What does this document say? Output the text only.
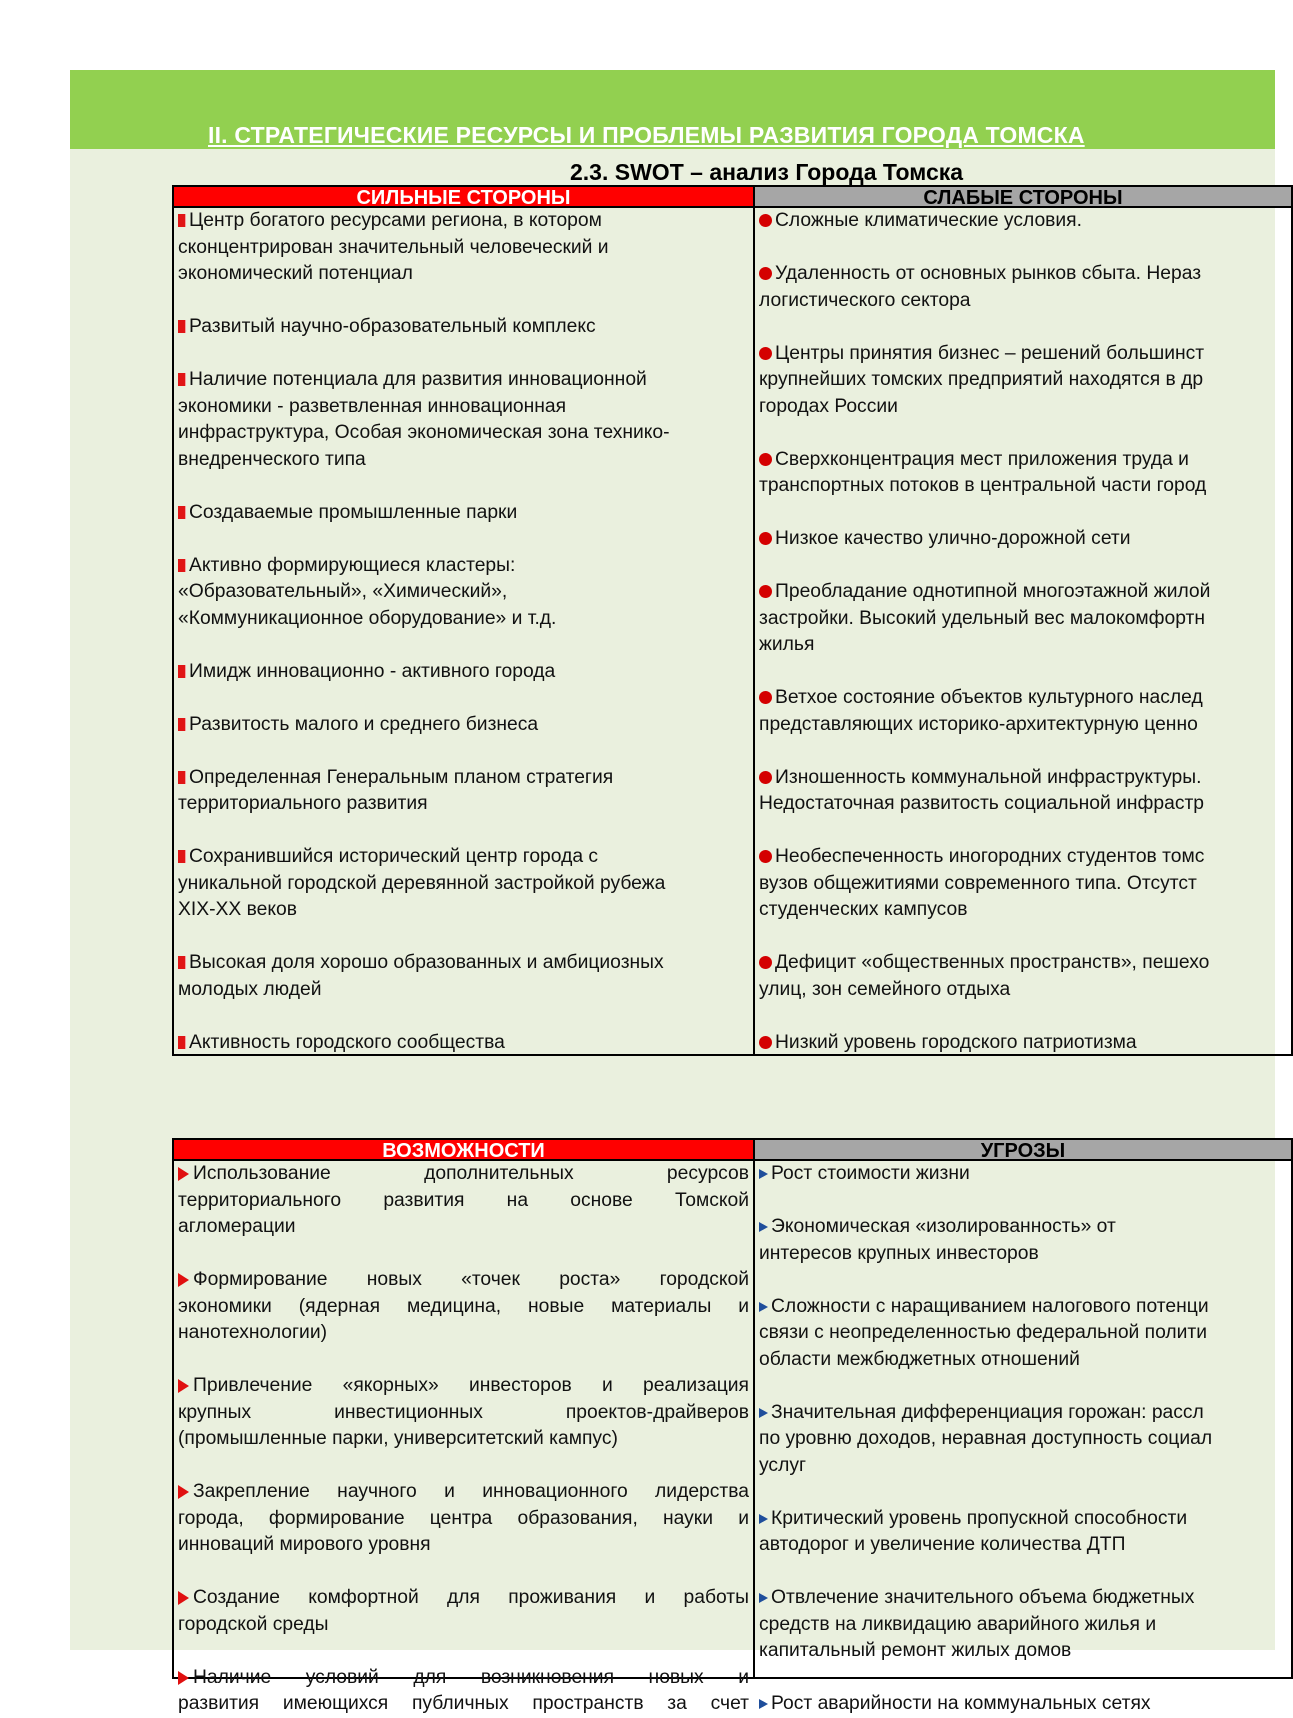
II. СТРАТЕГИЧЕСКИЕ РЕСУРСЫ И ПРОБЛЕМЫ РАЗВИТИЯ ГОРОДА ТОМСКА
2.3. SWOT – анализ Города Томска
СИЛЬНЫЕ СТОРОНЫ	СЛАБЫЕ СТОРОНЫ
Центр богатого ресурсами региона, в котором
сконцентрирован значительный человеческий и
экономический потенциал
Развитый научно-образовательный комплекс
Наличие потенциала для развития инновационной
экономики - разветвленная инновационная
инфраструктура, Особая экономическая зона технико-
внедренческого типа
Создаваемые промышленные парки
Активно формирующиеся кластеры:
«Образовательный», «Химический»,
«Коммуникационное оборудование» и т.д.
Имидж инновационно - активного города
Развитость малого и среднего бизнеса
Определенная Генеральным планом стратегия
территориального развития
Сохранившийся исторический центр города с
уникальной городской деревянной застройкой рубежа
XIX-XX веков
Высокая доля хорошо образованных и амбициозных
молодых людей
Активность городского сообщества
Сложные климатические условия.
Удаленность от основных рынков сбыта. Нераз
логистического сектора
Центры принятия бизнес – решений большинст
крупнейших томских предприятий находятся в др
городах России
Сверхконцентрация мест приложения труда и
транспортных потоков в центральной части город
Низкое качество улично-дорожной сети
Преобладание однотипной многоэтажной жилой
застройки. Высокий удельный вес малокомфортн
жилья
Ветхое состояние объектов культурного наслед
представляющих историко-архитектурную ценно
Изношенность коммунальной инфраструктуры.
Недостаточная развитость социальной инфрастр
Необеспеченность иногородних студентов томс
вузов общежитиями современного типа. Отсутст
студенческих кампусов
Дефицит «общественных пространств», пешехо
улиц, зон семейного отдыха
Низкий уровень городского патриотизма
ВОЗМОЖНОСТИ	УГРОЗЫ
Использование дополнительных ресурсов
территориального развития на основе Томской
агломерации
Формирование новых «точек роста» городской
экономики (ядерная медицина, новые материалы и
нанотехнологии)
Привлечение «якорных» инвесторов и реализация
крупных инвестиционных проектов-драйверов
(промышленные парки, университетский кампус)
Закрепление научного и инновационного лидерства
города, формирование центра образования, науки и
инноваций мирового уровня
Создание комфортной для проживания и работы
городской среды
Наличие условий для возникновения новых и
развития имеющихся публичных пространств за счет
Рост стоимости жизни
Экономическая «изолированность» от
интересов крупных инвесторов
Сложности с наращиванием налогового потенци
связи с неопределенностью федеральной полити
области межбюджетных отношений
Значительная дифференциация горожан: рассл
по уровню доходов, неравная доступность социал
услуг
Критический уровень пропускной способности
автодорог и увеличение количества ДТП
Отвлечение значительного объема бюджетных
средств на ликвидацию аварийного жилья и
капитальный ремонт жилых домов
Рост аварийности на коммунальных сетях
